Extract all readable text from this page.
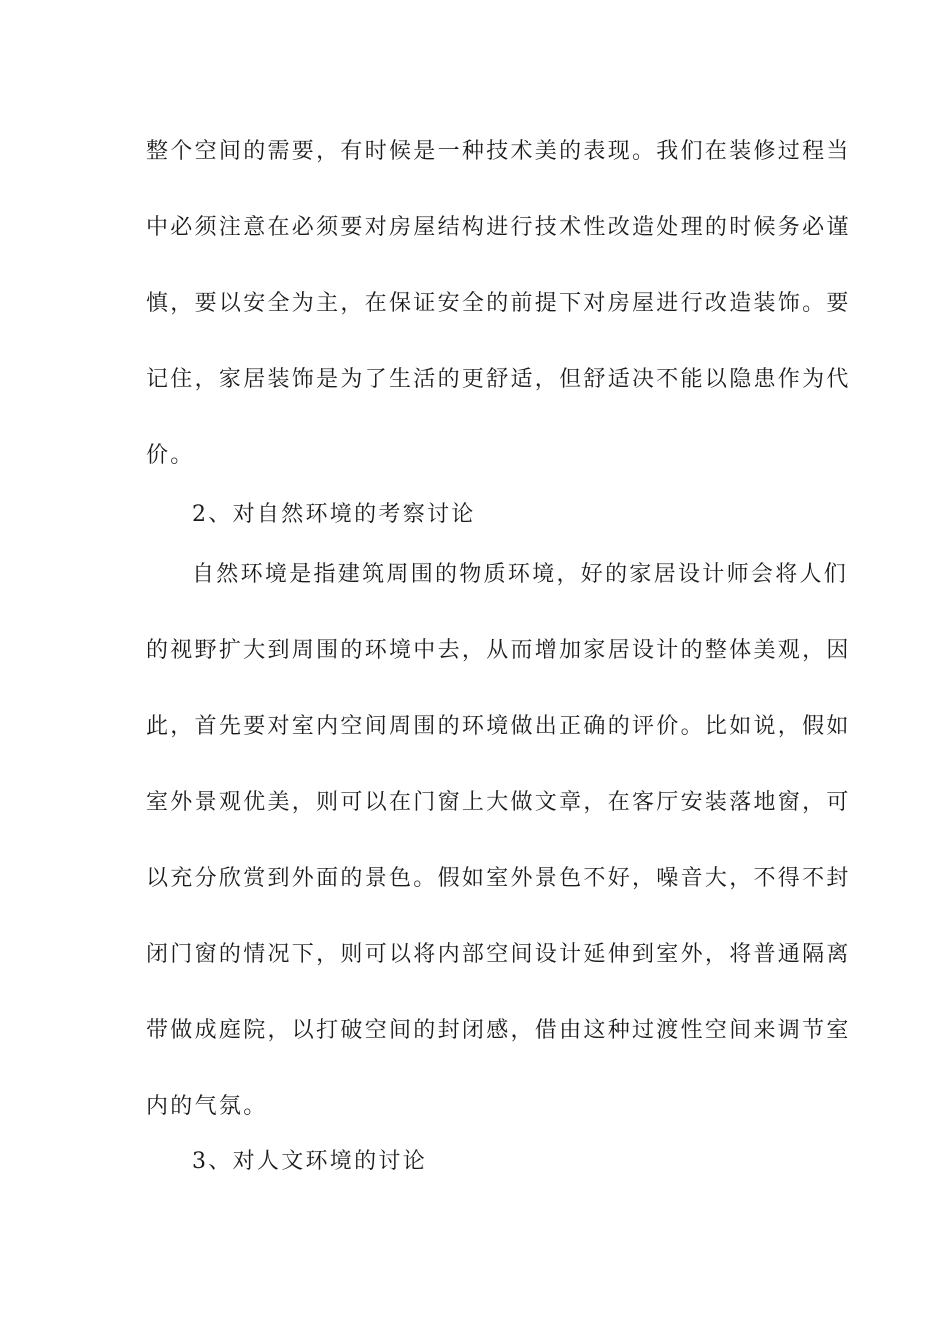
整个空间的需要，有时候是一种技术美的表现。我们在装修过程当
中必须注意在必须要对房屋结构进行技术性改造处理的时候务必谨
慎，要以安全为主，在保证安全的前提下对房屋进行改造装饰。要
记住，家居装饰是为了生活的更舒适，但舒适决不能以隐患作为代
价。
2、对自然环境的考察讨论
自然环境是指建筑周围的物质环境，好的家居设计师会将人们
的视野扩大到周围的环境中去，从而增加家居设计的整体美观，因
此，首先要对室内空间周围的环境做出正确的评价。比如说，假如
室外景观优美，则可以在门窗上大做文章，在客厅安装落地窗，可
以充分欣赏到外面的景色。假如室外景色不好，噪音大，不得不封
闭门窗的情况下，则可以将内部空间设计延伸到室外，将普通隔离
带做成庭院，以打破空间的封闭感，借由这种过渡性空间来调节室
内的气氛。
3、对人文环境的讨论
